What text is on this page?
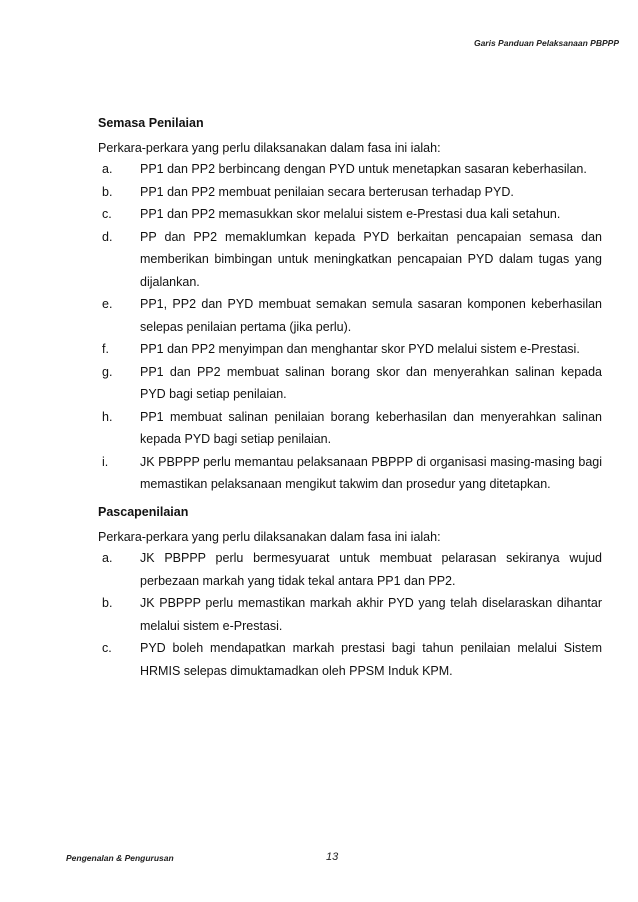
Garis Panduan Pelaksanaan PBPPP
Semasa Penilaian
Perkara-perkara yang perlu dilaksanakan dalam fasa ini ialah:
a.	PP1 dan PP2 berbincang dengan PYD untuk menetapkan sasaran keberhasilan.
b.	PP1 dan PP2 membuat penilaian secara berterusan terhadap PYD.
c.	PP1 dan PP2 memasukkan skor melalui sistem e-Prestasi dua kali setahun.
d.	PP dan PP2 memaklumkan kepada PYD berkaitan pencapaian semasa dan memberikan bimbingan untuk meningkatkan pencapaian PYD dalam tugas yang dijalankan.
e.	PP1, PP2 dan PYD membuat semakan semula sasaran komponen keberhasilan selepas penilaian pertama (jika perlu).
f.	PP1 dan PP2 menyimpan dan menghantar skor PYD melalui sistem e-Prestasi.
g.	PP1 dan PP2 membuat salinan borang skor dan menyerahkan salinan kepada PYD bagi setiap penilaian.
h.	PP1 membuat salinan penilaian borang keberhasilan dan menyerahkan salinan kepada PYD bagi setiap penilaian.
i.	JK PBPPP perlu memantau pelaksanaan PBPPP di organisasi masing-masing bagi memastikan pelaksanaan mengikut takwim dan prosedur yang ditetapkan.
Pascapenilaian
Perkara-perkara yang perlu dilaksanakan dalam fasa ini ialah:
a.	JK PBPPP perlu bermesyuarat untuk membuat pelarasan sekiranya wujud perbezaan markah yang tidak tekal antara PP1 dan PP2.
b.	JK PBPPP perlu memastikan markah akhir PYD yang telah diselaraskan dihantar melalui sistem e-Prestasi.
c.	PYD boleh mendapatkan markah prestasi bagi tahun penilaian melalui Sistem HRMIS selepas dimuktamadkan oleh PPSM Induk KPM.
Pengenalan & Pengurusan	13
